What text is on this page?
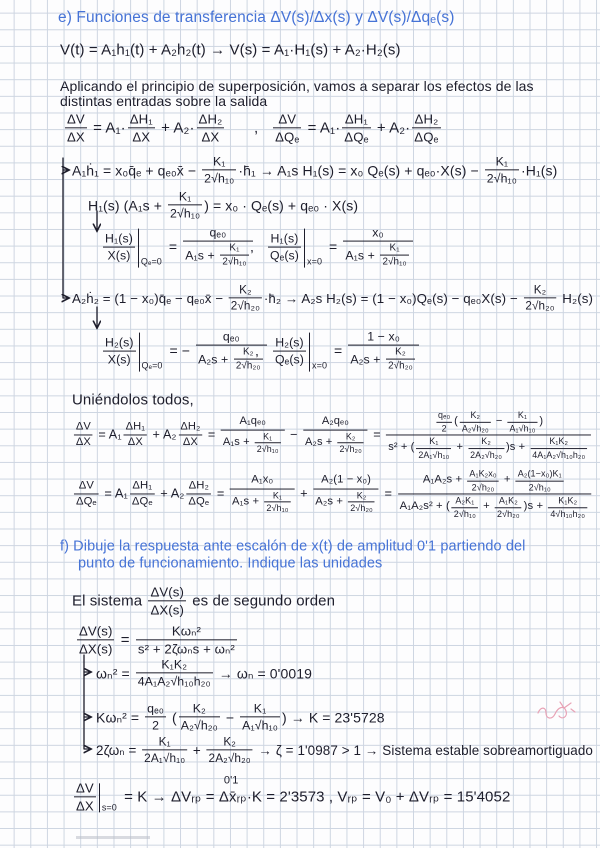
e) Funciones de transferencia ΔV(s)/Δx(s) y ΔV(s)/Δqₑ(s)
V(t) = A₁h₁(t) + A₂h₂(t) → V(s) = A₁·H₁(s) + A₂·H₂(s)
Aplicando el principio de superposición, vamos a separar los efectos de las
distintas entradas sobre la salida
$\frac{\Delta V}{\Delta X} = A_1\cdot \frac{\text{ΔH₁}}{\Delta X} + A_2\cdot \frac{\text{ΔH₂}}{\Delta X}$ ,
ΔV
ΔQₑ
= A₁·
ΔH₁
ΔQₑ
+ A₂·
ΔH₂
ΔQₑ
A₁ḣ₁ = x₀q̄ₑ + qₑ₀x̄ − $\frac{\text{K₁}}{\text{2√h₁₀}}$ ·h̄₁ → A₁s H₁(s) = x₀ $Q_e(s) + q_{e0}\cdot X(s) - \frac{\text{K₁}}{\text{2√h₁₀}} \cdot H_1(s)$
H₁(s) ($A_1s + \frac{\text{K₁}}{\text{2√h₁₀}}$ ) = x₀ · Qₑ(s) + qₑ₀ · X(s)
$\frac{\text{H₁(s)}}{X(s)} Q_e=0$
= $\frac{\text{qₑ₀}}{A_1s + \frac{\text{K₁}}{\text{2√h₁₀}}}$
, $\frac{\text{H₁(s)}}{\text{Qₑ(s)}} x=0$
= $\frac{\text{x₀}}{A_1s + \frac{\text{K₁}}{\text{2√h₁₀}}}$
A₂ḣ₂ = (1 − x₀)q̄ₑ − qₑ₀x̄ − $\frac{\text{K₂}}{\text{2√h₂₀}}$ ·h̄₂ → A₂s $H_2(s) = (1 - x_0)Q_e(s) - q_{e0}X(s) - \frac{\text{K₂}}{\text{2√h₂₀}} H_2(s)$
$\frac{\text{H₂(s)}}{X(s)} Q_e=0$
= − $\frac{\text{qₑ₀}}{A_2s + \frac{\text{K₂}}{\text{2√h₂₀}}}$
, $\frac{\text{H₂(s)}}{\text{Qₑ(s)}} x=0$
= $\frac{\text{1 − x₀}}{A_2s + \frac{\text{K₂}}{\text{2√h₂₀}}}$
Uniéndolos todos,
$\frac{\Delta V}{\Delta X} = A_1 \frac{\text{ΔH₁}}{\Delta X} + A_2 \frac{\text{ΔH₂}}{\Delta X} = \frac{\text{A₁qₑ₀}}{A_1s + \frac{\text{K₁}}{\text{2√h₁₀}}} - \frac{\text{A₂qₑ₀}}{A_2s + \frac{\text{K₂}}{\text{2√h₂₀}}} = \frac{\frac{\text{qₑ₀}}{2} ( \frac{\text{K₂}}{\text{A₂√h₂₀}} - \frac{\text{K₁}}{\text{A₁√h₁₀}} )}{s^2 + ( \frac{\text{K₁}}{\text{2A₁√h₁₀}} + \frac{\text{K₂}}{\text{2A₂√h₂₀}} )s + \frac{\text{K₁K₂}}{\text{4A₁A₂√h₁₀h₂₀}}}$
ΔV
ΔQₑ
= A₁
ΔH₁
ΔQₑ
+ A₂
ΔH₂
ΔQₑ
= $\frac{\text{A₁x₀}}{A_1s + \frac{\text{K₁}}{\text{2√h₁₀}}} + \frac{\text{A₂(1 − x₀)}}{A_2s + \frac{\text{K₂}}{\text{2√h₂₀}}} = \frac{A_1A_2s + \frac{\text{A₁K₂x₀}}{\text{2√h₂₀}} + \frac{\text{A₂(1−x₀)K₁}}{\text{2√h₁₀}}}{A_1A_2s^2 + ( \frac{\text{A₂K₁}}{\text{2√h₁₀}} + \frac{\text{A₁K₂}}{\text{2√h₂₀}} )s + \frac{\text{K₁K₂}}{\text{4√h₁₀h₂₀}}}$
f) Dibuje la respuesta ante escalón de x(t) de amplitud 0'1 partiendo del
punto de funcionamiento. Indique las unidades
El sistema $\frac{\Delta V(s)}{\Delta X(s)}$ es de segundo orden
$\frac{\Delta V(s)}{\Delta X(s)}$ =
Kωₙ²
s² + 2ζωₙs + ωₙ²
$\omega_n^2 = \frac{\text{K₁K₂}}{\text{4A₁A₂√h₁₀h₂₀}} \to \omega_n = 0'0019$
$K\omega_n^2 = \frac{\text{qₑ₀}}{2}$ ( $\frac{\text{K₂}}{\text{A₂√h₂₀}} - \frac{\text{K₁}}{\text{A₁√h₁₀}}$ ) → K = 23'5728
$2\zeta\omega_n = \frac{\text{K₁}}{\text{2A₁√h₁₀}} + \frac{\text{K₂}}{\text{2A₂√h₂₀}} \to \zeta = 1'0987 > 1$ → Sistema estable sobreamortiguado
$\frac{\Delta V}{\Delta X} s=0$
= K → ΔVᵣₚ = Δx̄ᵣₚ
0'1
·K = 2'3573 , Vᵣₚ = V₀ + ΔVᵣₚ = 15'4052
